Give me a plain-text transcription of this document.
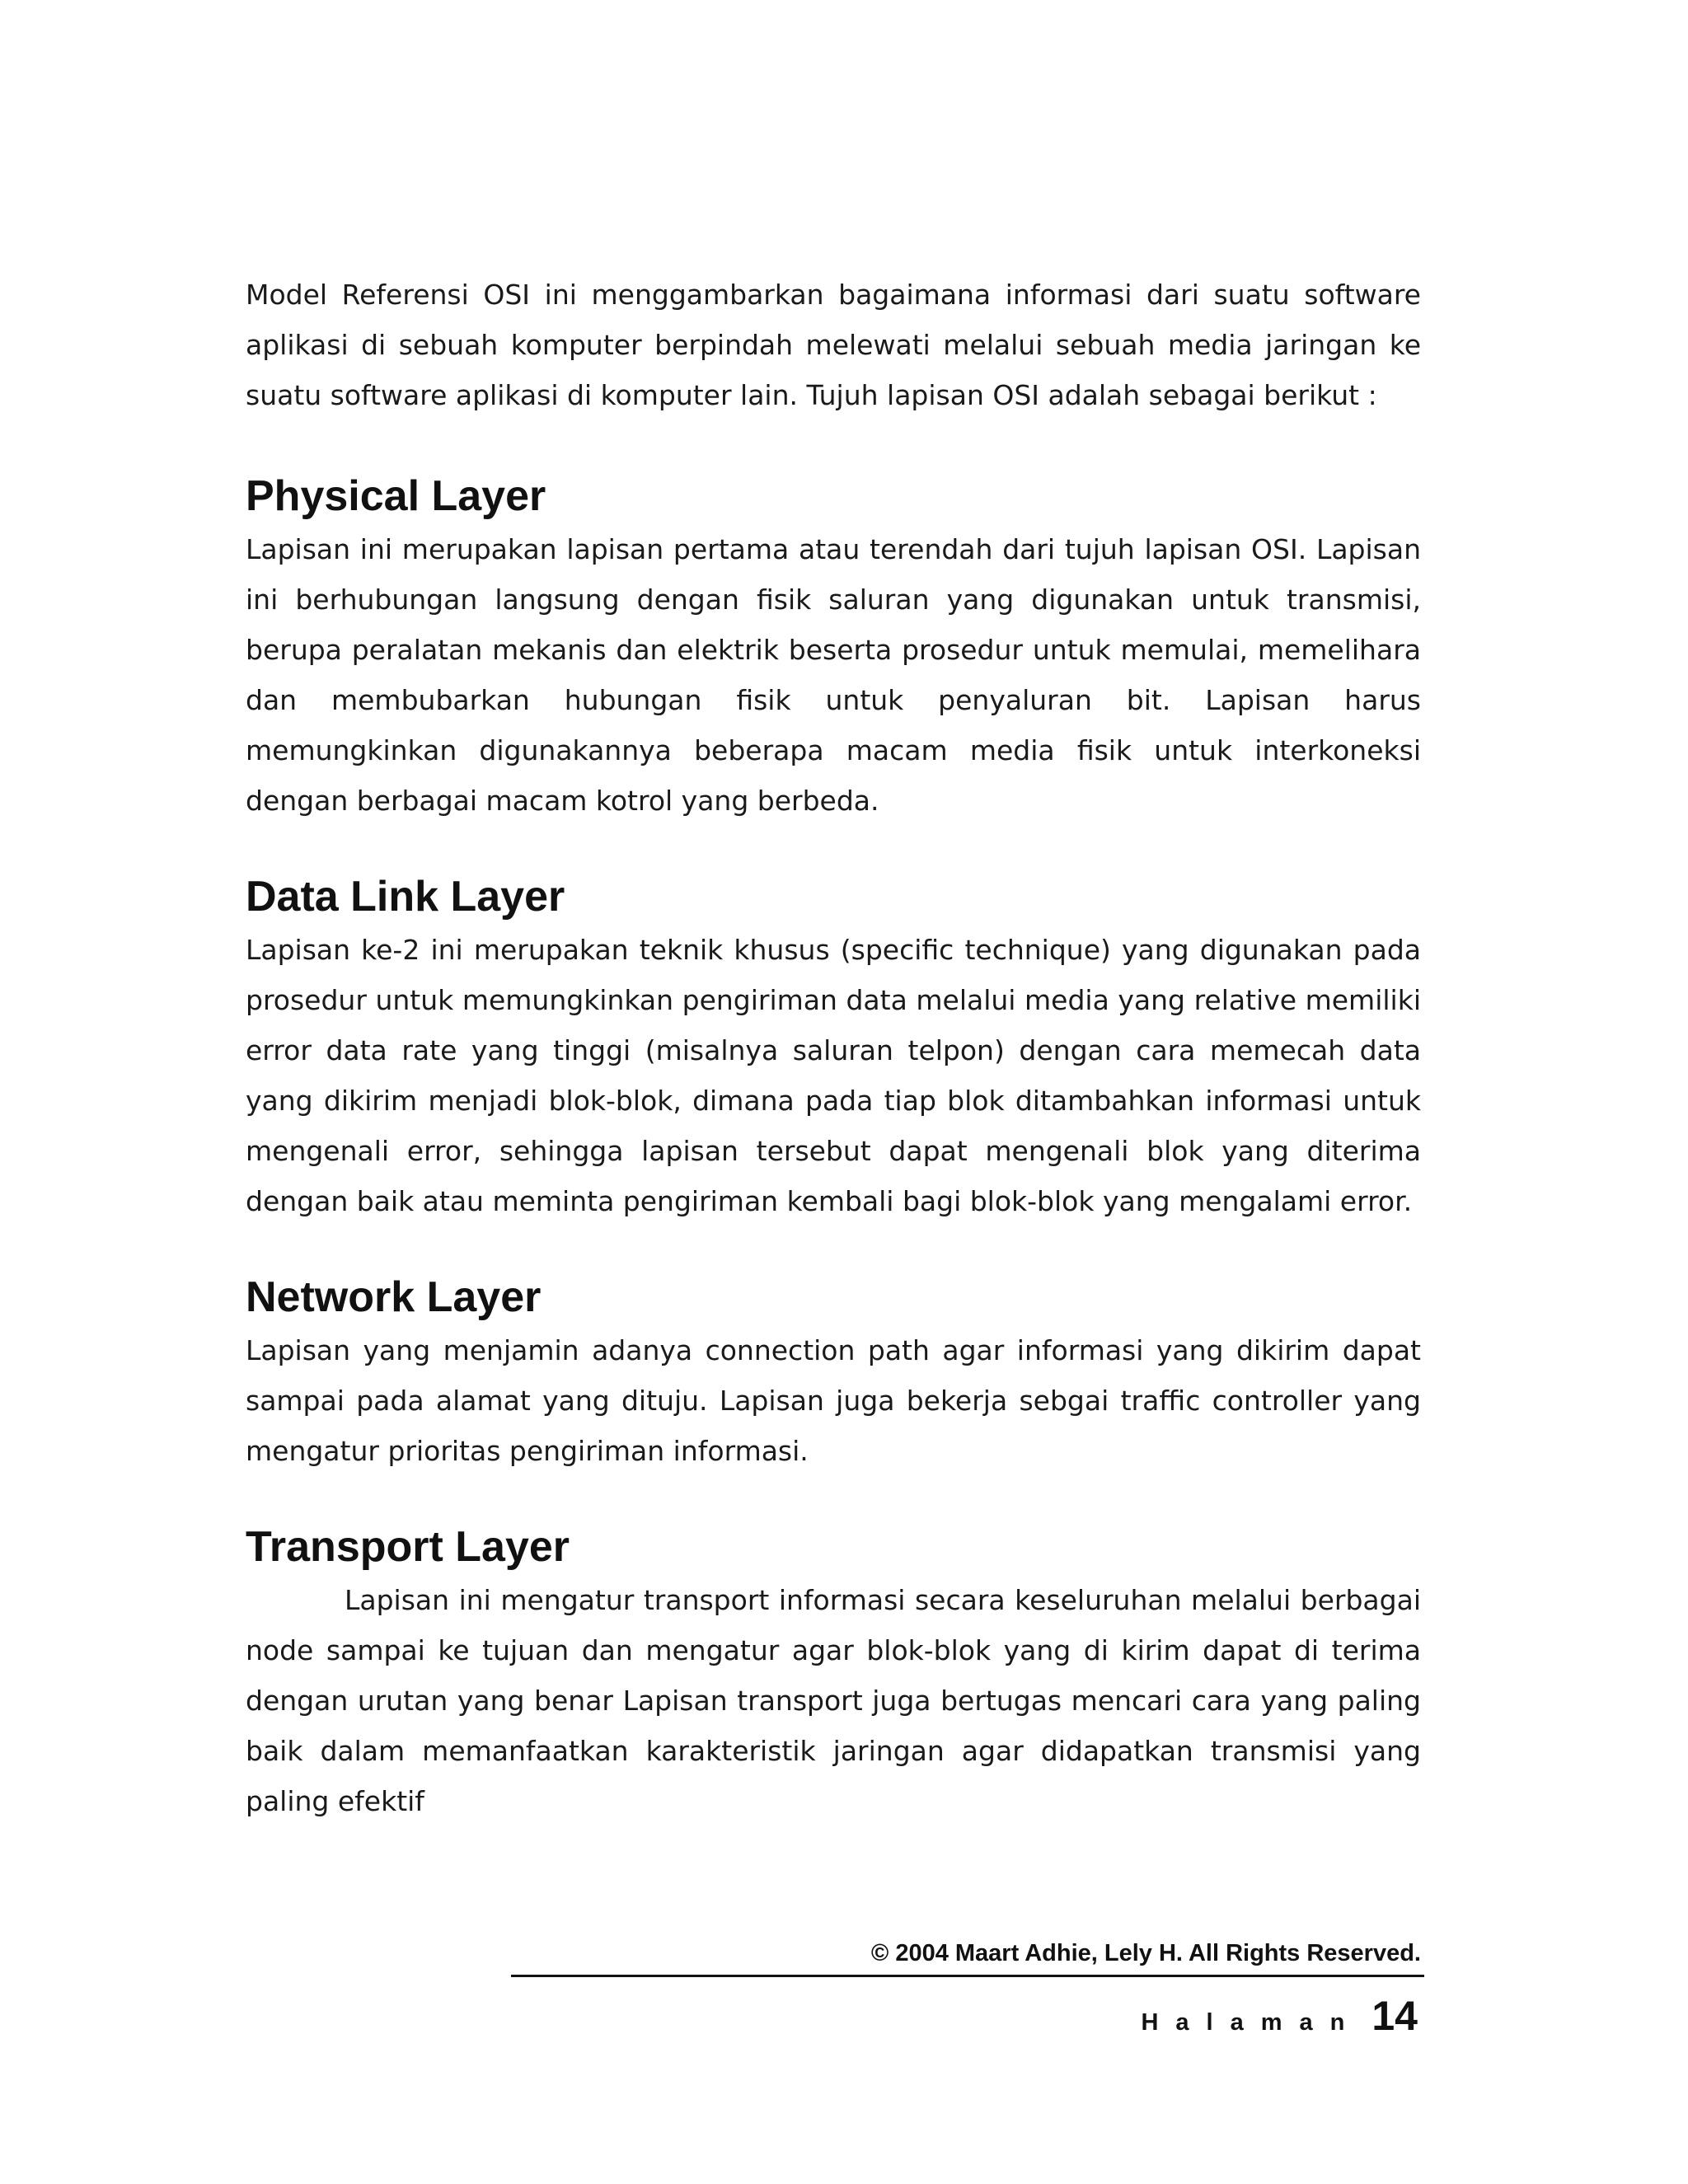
Model Referensi OSI ini menggambarkan bagaimana informasi dari suatu software aplikasi di sebuah komputer berpindah melewati melalui sebuah media jaringan ke suatu software aplikasi di komputer lain. Tujuh lapisan OSI adalah sebagai berikut :

Physical Layer

Lapisan ini merupakan lapisan pertama atau terendah dari tujuh lapisan OSI. Lapisan ini berhubungan langsung dengan fisik saluran yang digunakan untuk transmisi, berupa peralatan mekanis dan elektrik beserta prosedur untuk memulai, memelihara dan membubarkan hubungan fisik untuk penyaluran bit. Lapisan harus memungkinkan digunakannya beberapa macam media fisik untuk interkoneksi dengan berbagai macam kotrol yang berbeda.

Data Link Layer

Lapisan ke-2 ini merupakan teknik khusus (specific technique) yang digunakan pada prosedur untuk memungkinkan pengiriman data melalui media yang relative memiliki error data rate yang tinggi (misalnya saluran telpon) dengan cara memecah data yang dikirim menjadi blok-blok, dimana pada tiap blok ditambahkan informasi untuk mengenali error, sehingga lapisan tersebut dapat mengenali blok yang diterima dengan baik atau meminta pengiriman kembali bagi blok-blok yang mengalami error.

Network Layer

Lapisan yang menjamin adanya connection path agar informasi yang dikirim dapat sampai pada alamat yang dituju. Lapisan juga bekerja sebgai traffic controller yang mengatur prioritas pengiriman informasi.

Transport Layer

Lapisan ini mengatur transport informasi secara keseluruhan melalui berbagai node sampai ke tujuan dan mengatur agar blok-blok yang di kirim dapat di terima dengan urutan yang benar Lapisan transport juga bertugas mencari cara yang paling baik dalam memanfaatkan karakteristik jaringan agar didapatkan transmisi yang paling efektif

© 2004 Maart Adhie, Lely H. All Rights Reserved.
Halaman 14
